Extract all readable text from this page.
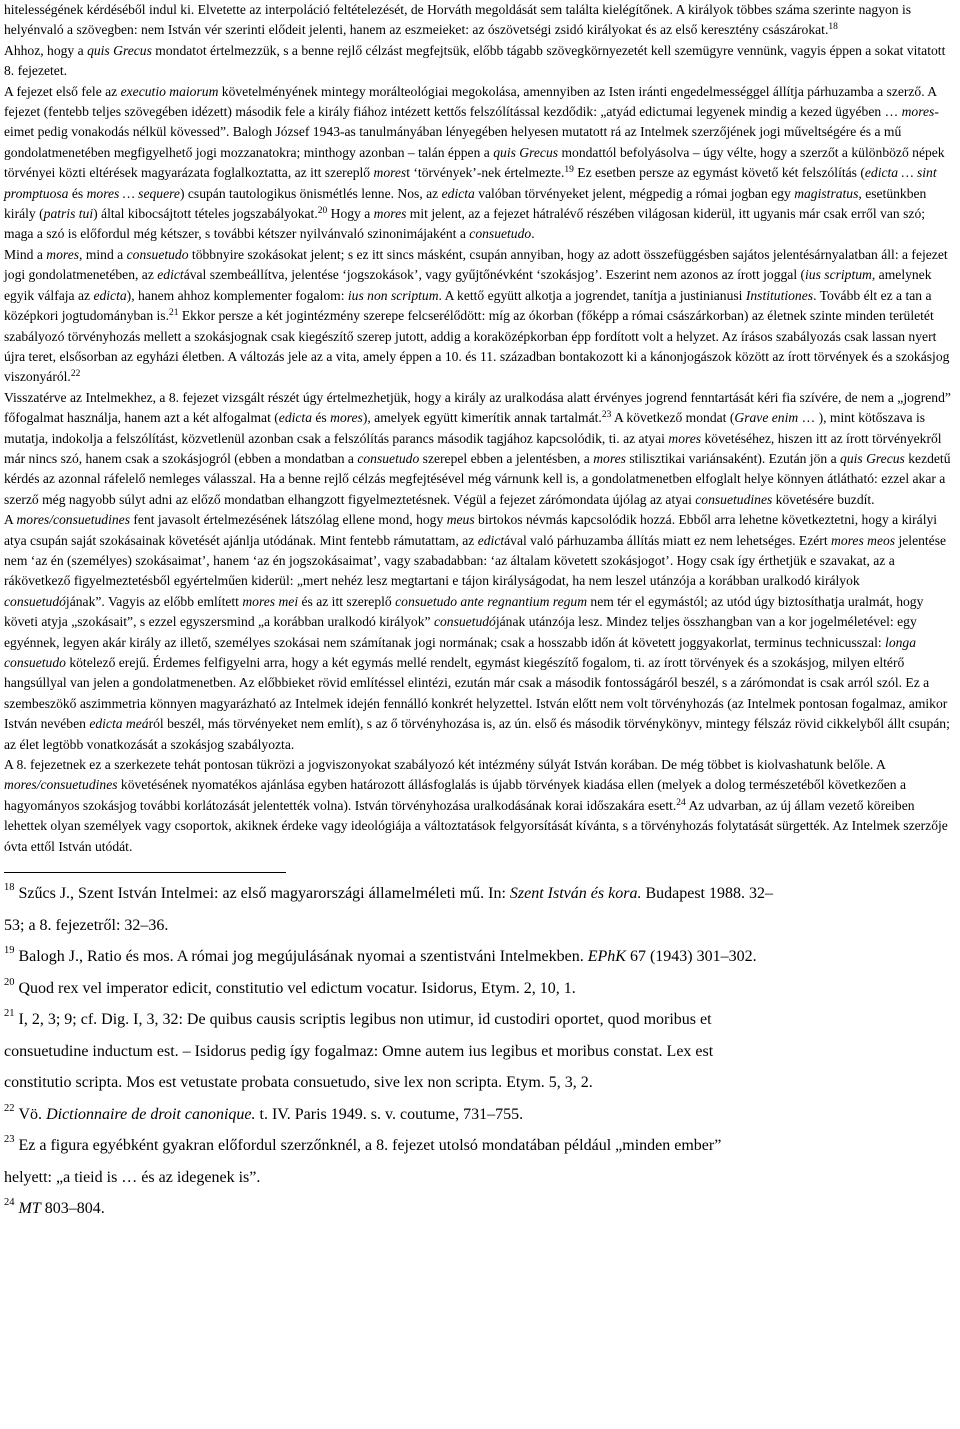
hitelességének kérdéséből indul ki. Elvetette az interpoláció feltételezését, de Horváth megoldását sem találta kielégítőnek. A királyok többes számа szerinte nagyon is helyénvaló a szövegben: nem István vér szerinti elődeit jelenti, hanem az eszmeieket: az ószövetségi zsidó királyokat és az első keresztény császárokat.$^{18}$

Ahhoz, hogy a quis Grecus mondatot értelmezzük, s a benne rejlő célzást megfejtsük, előbb tágabb szövegkörnyezetét kell szemügyre vennünk, vagyis éppen a sokat vitatott 8. fejezetet.

A fejezet első fele az executio maiorum követelményének mintegy morálteológiai megokolása, amennyiben az Isten iránti engedelmességgel állítja párhuzamba a szerző. A fejezet (fentebb teljes szövegében idézett) második fele a király fiához intézett kettős felszólítással kezdődik: „atyád edictumai legyenek mindig a kezed ügyében … mores-eimet pedig vonakodás nélkül kövessed”. Balogh József 1943-as tanulmányában lényegében helyesen mutatott rá az Intelmek szerzőjének jogi műveltségére és a mű gondolatmenetében megfigyelhető jogi mozzanatokra; minthogy azonban – talán éppen a quis Grecus mondattól befolyásolva – úgy vélte, hogy a szerzőt a különböző népek törvényei közti eltérések magyarázata foglalkoztatta, az itt szereplő morest ‘törvények’-nek értelmezte.$^{19}$ Ez esetben persze az egymást követő két felszólítás (edicta … sint promptuosa és mores … sequere) csupán tautologikus önismétlés lenne. Nos, az edicta valóban törvényeket jelent, mégpedig a római jogban egy magistratus, esetünkben király (patris tui) által kibocsájtott tételes jogszabályokat.$^{20}$ Hogy a mores mit jelent, az a fejezet hátralévő részében világosan kiderül, itt ugyanis már csak erről van szó; maga a szó is előfordul még kétszer, s további kétszer nyilvánvaló szinonimájaként a consuetudo.

Mind a mores, mind a consuetudo többnyire szokásokat jelent; s ez itt sincs másként, csupán annyiban, hogy az adott összefüggésben sajátos jelentésárnyalatban áll: a fejezet jogi gondolatmenetében, az edictával szembeállítva, jelentése ‘jogszokások’, vagy gyűjtőnévként ‘szokásjog’. Eszerint nem azonos az írott joggal (ius scriptum, amelynek egyik válfaja az edicta), hanem ahhoz komplementer fogalom: ius non scriptum. A kettő együtt alkotja a jogrendet, tanítja a justinianusi Institutiones. Tovább élt ez a tan a középkori jogtudományban is.$^{21}$ Ekkor persze a két jogintézmény szerepe felcserélődött: míg az ókorban (főképp a római császárkorban) az életnek szinte minden területét szabályozó törvényhozás mellett a szokásjognak csak kiegészítő szerep jutott, addig a koraközépkorban épp fordított volt a helyzet. Az írásos szabályozás csak lassan nyert újra teret, elsősorban az egyházi életben. A változás jele az a vita, amely éppen a 10. és 11. században bontakozott ki a kánonjogászok között az írott törvények és a szokásjog viszonyáról.$^{22}$

Visszatérve az Intelmekhez, a 8. fejezet vizsgált részét úgy értelmezhetjük, hogy a király az uralkodása alatt érvényes jogrend fenntartását kéri fia szívére, de nem a „jogrend” főfogalmat használja, hanem azt a két alfogalmat (edicta és mores), amelyek együtt kimerítik annak tartalmát.$^{23}$ A következő mondat (Grave enim … ), mint kötőszava is mutatja, indokolja a felszólítást, közvetlenül azonban csak a felszólítás parancs második tagjához kapcsolódik, ti. az atyai mores követéséhez, hiszen itt az írott törvényekről már nincs szó, hanem csak a szokásjogról (ebben a mondatban a consuetudo szerepel ebben a jelentésben, a mores stilisztikai variánsaként). Ezután jön a quis Grecus kezdetű kérdés az azonnal ráfelelő nemleges válasszal. Ha a benne rejlő célzás megfejtésével még várnunk kell is, a gondolatmenetben elfoglalt helye könnyen átlátható: ezzel akar a szerző még nagyobb súlyt adni az előző mondatban elhangzott figyelmeztetésnek. Végül a fejezet zárómondata újólag az atyai consuetudines követésére buzdít.

A mores/consuetudines fent javasolt értelmezésének látszólag ellene mond, hogy meus birtokos névmás kapcsolódik hozzá. Ebből arra lehetne következtetni, hogy a királyi atya csupán saját szokásainak követését ajánlja utódának. Mint fentebb rámutattam, az edictával való párhuzamba állítás miatt ez nem lehetséges. Ezért mores meos jelentése nem ‘az én (személyes) szokásaimat’, hanem ‘az én jogszokásaimat’, vagy szabadabban: ‘az általam követett szokásjogot’. Hogy csak így érthetjük e szavakat, az a rákövetkező figyelmeztetésből egyértelműen kiderül: „mert nehéz lesz megtartani e tájon királyságodat, ha nem leszel utánzója a korábban uralkodó királyok consuetudójának”. Vagyis az előbb említett mores mei és az itt szereplő consuetudo ante regnantium regum nem tér el egymástól; az utód úgy biztosíthatja uralmát, hogy követi atyja „szokásait”, s ezzel egyszersmind „a korábban uralkodó királyok” consuetudójának utánzója lesz. Mindez teljes összhangban van a kor jogelméletével: egy egyénnek, legyen akár király az illető, személyes szokásai nem számítanak jogi normának; csak a hosszabb időn át követett joggyakorlat, terminus technicusszal: longa consuetudo kötelező erejű. Érdemes felfigyelni arra, hogy a két egymás mellé rendelt, egymást kiegészítő fogalom, ti. az írott törvények és a szokásjog, milyen eltérő hangsúllyal van jelen a gondolatmenetben. Az előbbieket rövid említéssel elintézi, ezután már csak a második fontosságáról beszél, s a zárómondat is csak arról szól. Ez a szembeszökő aszimmetria könnyen magyarázható az Intelmek idején fennálló konkrét helyzettel. István előtt nem volt törvényhozás (az Intelmek pontosan fogalmaz, amikor István nevében edicta meáról beszél, más törvényeket nem említ), s az ő törvényhozása is, az ún. első és második törvénykönyv, mintegy félszáz rövid cikkelyből állt csupán; az élet legtöbb vonatkozását a szokásjog szabályozta.

A 8. fejezetnek ez a szerkezete tehát pontosan tükrözi a jogviszonyokat szabályozó két intézmény súlyát István korában. De még többet is kiolvashatunk belőle. A mores/consuetudines követésének nyomatékos ajánlása egyben határozott állásfoglalás is újabb törvények kiadása ellen (melyek a dolog természetéből következően a hagyományos szokásjog további korlátozását jelentették volna). István törvényhozása uralkodásának korai időszakára esett.$^{24}$ Az udvarban, az új állam vezető köreiben lehettek olyan személyek vagy csoportok, akiknek érdeke vagy ideológiája a változtatások felgyorsítását kívánta, s a törvényhozás folytatását sürgették. Az Intelmek szerzője óvta ettől István utódát.

$^{18}$ Szűcs J., Szent István Intelmei: az első magyarországi államelméleti mű. In: Szent István és kora. Budapest 1988. 32–
53; a 8. fejezetről: 32–36.
$^{19}$ Balogh J., Ratio és mos. A római jog megújulásának nyomai a szentistváni Intelmekben. EPhK 67 (1943) 301–302.
$^{20}$ Quod rex vel imperator edicit, constitutio vel edictum vocatur. Isidorus, Etym. 2, 10, 1.
$^{21}$ I, 2, 3; 9; cf. Dig. I, 3, 32: De quibus causis scriptis legibus non utimur, id custodiri oportet, quod moribus et
consuetudine inductum est. – Isidorus pedig így fogalmaz: Omne autem ius legibus et moribus constat. Lex est
constitutio scripta. Mos est vetustate probata consuetudo, sive lex non scripta. Etym. 5, 3, 2.
$^{22}$ Vö. Dictionnaire de droit canonique. t. IV. Paris 1949. s. v. coutume, 731–755.
$^{23}$ Ez a figura egyébként gyakran előfordul szerzőnknél, a 8. fejezet utolsó mondatában például „minden ember”
helyett: „a tieid is … és az idegenek is”.
$^{24}$ MT 803–804.
